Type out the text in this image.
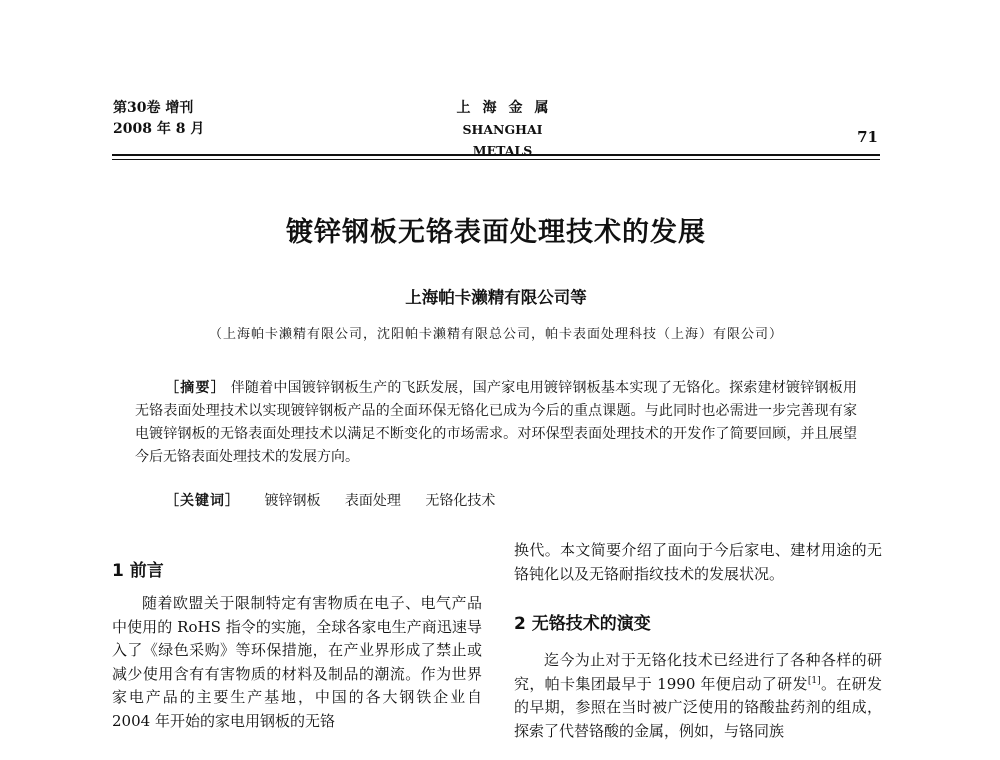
第30卷 增刊
2008 年 8 月
上海金属
SHANGHAI METALS
71
镀锌钢板无铬表面处理技术的发展
上海帕卡濑精有限公司等
（上海帕卡濑精有限公司，沈阳帕卡濑精有限总公司，帕卡表面处理科技（上海）有限公司）

［摘要］ 伴随着中国镀锌钢板生产的飞跃发展，国产家电用镀锌钢板基本实现了无铬化。探索建材镀锌钢板用无铬表面处理技术以实现镀锌钢板产品的全面环保无铬化已成为今后的重点课题。与此同时也必需进一步完善现有家电镀锌钢板的无铬表面处理技术以满足不断变化的市场需求。对环保型表面处理技术的开发作了简要回顾，并且展望今后无铬表面处理技术的发展方向。

［关键词］ 镀锌钢板 表面处理 无铬化技术
1 前言

随着欧盟关于限制特定有害物质在电子、电气产品中使用的 RoHS 指令的实施，全球各家电生产商迅速导入了《绿色采购》等环保措施，在产业界形成了禁止或减少使用含有有害物质的材料及制品的潮流。作为世界家电产品的主要生产基地，中国的各大钢铁企业自 2004 年开始的家电用钢板的无铬

换代。本文简要介绍了面向于今后家电、建材用途的无铬钝化以及无铬耐指纹技术的发展状况。

2 无铬技术的演变

迄今为止对于无铬化技术已经进行了各种各样的研究，帕卡集团最早于 1990 年便启动了研发[1]。在研发的早期，参照在当时被广泛使用的铬酸盐药剂的组成，探索了代替铬酸的金属，例如，与铬同族
